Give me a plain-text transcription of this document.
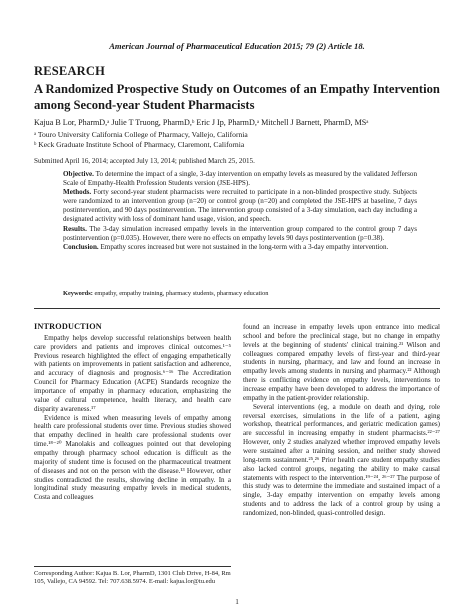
American Journal of Pharmaceutical Education 2015; 79 (2) Article 18.
RESEARCH
A Randomized Prospective Study on Outcomes of an Empathy Intervention among Second-year Student Pharmacists
Kajua B Lor, PharmD,ᵃ Julie T Truong, PharmD,ᵇ Eric J Ip, PharmD,ᵃ Mitchell J Barnett, PharmD, MSᵃ
ᵃ Touro University California College of Pharmacy, Vallejo, California
ᵇ Keck Graduate Institute School of Pharmacy, Claremont, California
Submitted April 16, 2014; accepted July 13, 2014; published March 25, 2015.

Objective. To determine the impact of a single, 3-day intervention on empathy levels as measured by the validated Jefferson Scale of Empathy-Health Profession Students version (JSE-HPS).

Methods. Forty second-year student pharmacists were recruited to participate in a non-blinded prospective study. Subjects were randomized to an intervention group (n=20) or control group (n=20) and completed the JSE-HPS at baseline, 7 days postintervention, and 90 days postintervention. The intervention group consisted of a 3-day simulation, each day including a designated activity with loss of dominant hand usage, vision, and speech.

Results. The 3-day simulation increased empathy levels in the intervention group compared to the control group 7 days postintervention (p=0.035). However, there were no effects on empathy levels 90 days postintervention (p=0.38).

Conclusion. Empathy scores increased but were not sustained in the long-term with a 3-day empathy intervention.

Keywords: empathy, empathy training, pharmacy students, pharmacy education

INTRODUCTION

Empathy helps develop successful relationships between health care providers and patients and improves clinical outcomes.¹⁻⁵ Previous research highlighted the effect of engaging empathetically with patients on improvements in patient satisfaction and adherence, and accuracy of diagnosis and prognosis.⁶⁻¹⁶ The Accreditation Council for Pharmacy Education (ACPE) Standards recognize the importance of empathy in pharmacy education, emphasizing the value of cultural competence, health literacy, and health care disparity awareness.¹⁷

Evidence is mixed when measuring levels of empathy among health care professional students over time. Previous studies showed that empathy declined in health care professional students over time.¹⁸⁻²⁰ Manolakis and colleagues pointed out that developing empathy through pharmacy school education is difficult as the majority of student time is focused on the pharmaceutical treatment of diseases and not on the person with the disease.¹³ However, other studies contradicted the results, showing decline in empathy. In a longitudinal study measuring empathy levels in medical students, Costa and colleagues

found an increase in empathy levels upon entrance into medical school and before the preclinical stage, but no change in empathy levels at the beginning of students' clinical training.²¹ Wilson and colleagues compared empathy levels of first-year and third-year students in nursing, pharmacy, and law and found an increase in empathy levels among students in nursing and pharmacy.²² Although there is conflicting evidence on empathy levels, interventions to increase empathy have been developed to address the importance of empathy in the patient-provider relationship.

Several interventions (eg, a module on death and dying, role reversal exercises, simulations in the life of a patient, aging workshop, theatrical performances, and geriatric medication games) are successful in increasing empathy in student pharmacists.²²⁻²⁷ However, only 2 studies analyzed whether improved empathy levels were sustained after a training session, and neither study showed long-term sustainment.²⁵,²⁶ Prior health care student empathy studies also lacked control groups, negating the ability to make causal statements with respect to the intervention.¹⁹⁻²⁴, ²⁶⁻²⁷ The purpose of this study was to determine the immediate and sustained impact of a single, 3-day empathy intervention on empathy levels among students and to address the lack of a control group by using a randomized, non-blinded, quasi-controlled design.

Corresponding Author: Kajua B. Lor, PharmD, 1301 Club Drive, H-84, Rm 105, Vallejo, CA 94592. Tel: 707.638.5974. E-mail: kajua.lor@tu.edu
1
